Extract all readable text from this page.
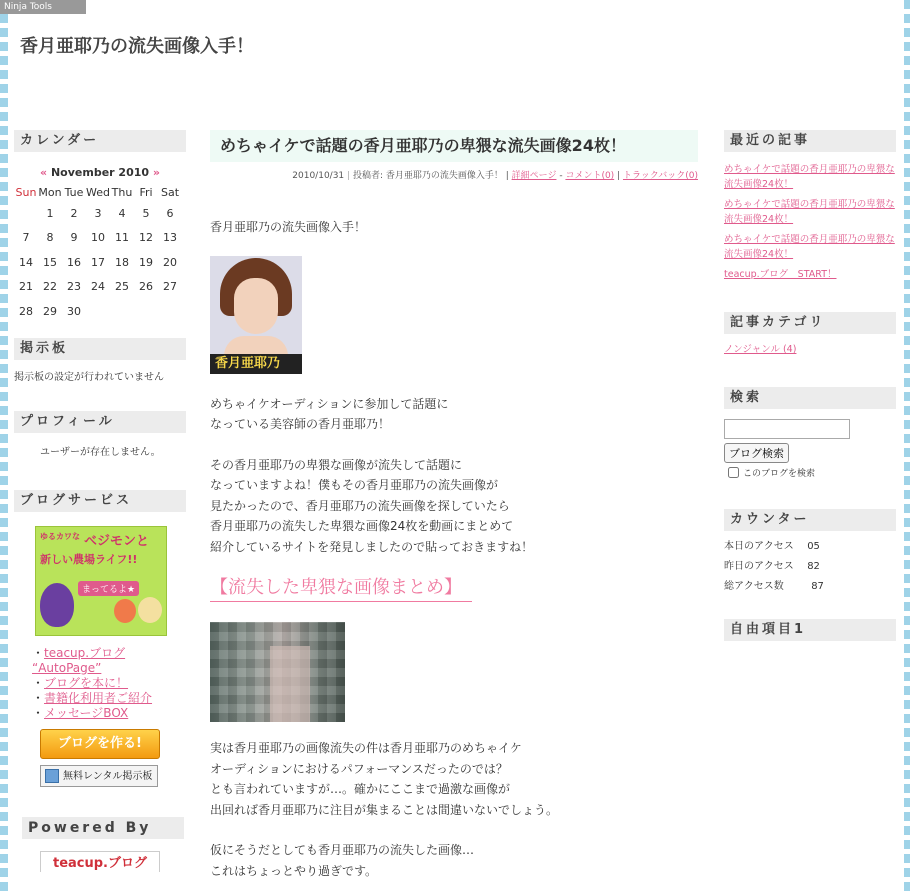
Ninja Tools
香月亜耶乃の流失画像入手！
カレンダー
« November 2010 »
Sun	Mon	Tue	Wed	Thu	Fri	Sat
	1	2	3	4	5	6
7	8	9	10	11	12	13
14	15	16	17	18	19	20
21	22	23	24	25	26	27
28	29	30				
掲示板
掲示板の設定が行われていません
プロフィール
ユーザーが存在しません。
ブログサービス
ゆるカワな ベジモンと
新しい農場ライフ!!
まってるよ★
・teacup.ブログ “AutoPage”
・ブログを本に！
・書籍化利用者ご紹介
・メッセージBOX
ブログを作る!
無料レンタル掲示板
Powered By
teacup.ブログ
めちゃイケで話題の香月亜耶乃の卑猥な流失画像24枚！
2010/10/31 | 投稿者: 香月亜耶乃の流失画像入手！ | 詳細ページ - コメント(0) | トラックバック(0)

香月亜耶乃の流失画像入手！

香月亜耶乃

めちゃイケオーディションに参加して話題に

なっている美容師の香月亜耶乃！

その香月亜耶乃の卑猥な画像が流失して話題に

なっていますよね！僕もその香月亜耶乃の流失画像が

見たかったので、香月亜耶乃の流失画像を探していたら

香月亜耶乃の流失した卑猥な画像24枚を動画にまとめて

紹介しているサイトを発見しましたので貼っておきますね！

【流失した卑猥な画像まとめ】

実は香月亜耶乃の画像流失の件は香月亜耶乃のめちゃイケ

オーディションにおけるパフォーマンスだったのでは？

とも言われていますが…。確かにここまで過激な画像が

出回れば香月亜耶乃に注目が集まることは間違いないでしょう。

仮にそうだとしても香月亜耶乃の流失した画像…

これはちょっとやり過ぎです。

最近の記事
めちゃイケで話題の香月亜耶乃の卑猥な流失画像24枚！
めちゃイケで話題の香月亜耶乃の卑猥な流失画像24枚！
めちゃイケで話題の香月亜耶乃の卑猥な流失画像24枚！
teacup.ブログ　START！
記事カテゴリ
ノンジャンル (4)
検索
ブログ検索
このブログを検索
カウンター
本日のアクセス 05
昨日のアクセス 82
総アクセス数	87
自由項目1
